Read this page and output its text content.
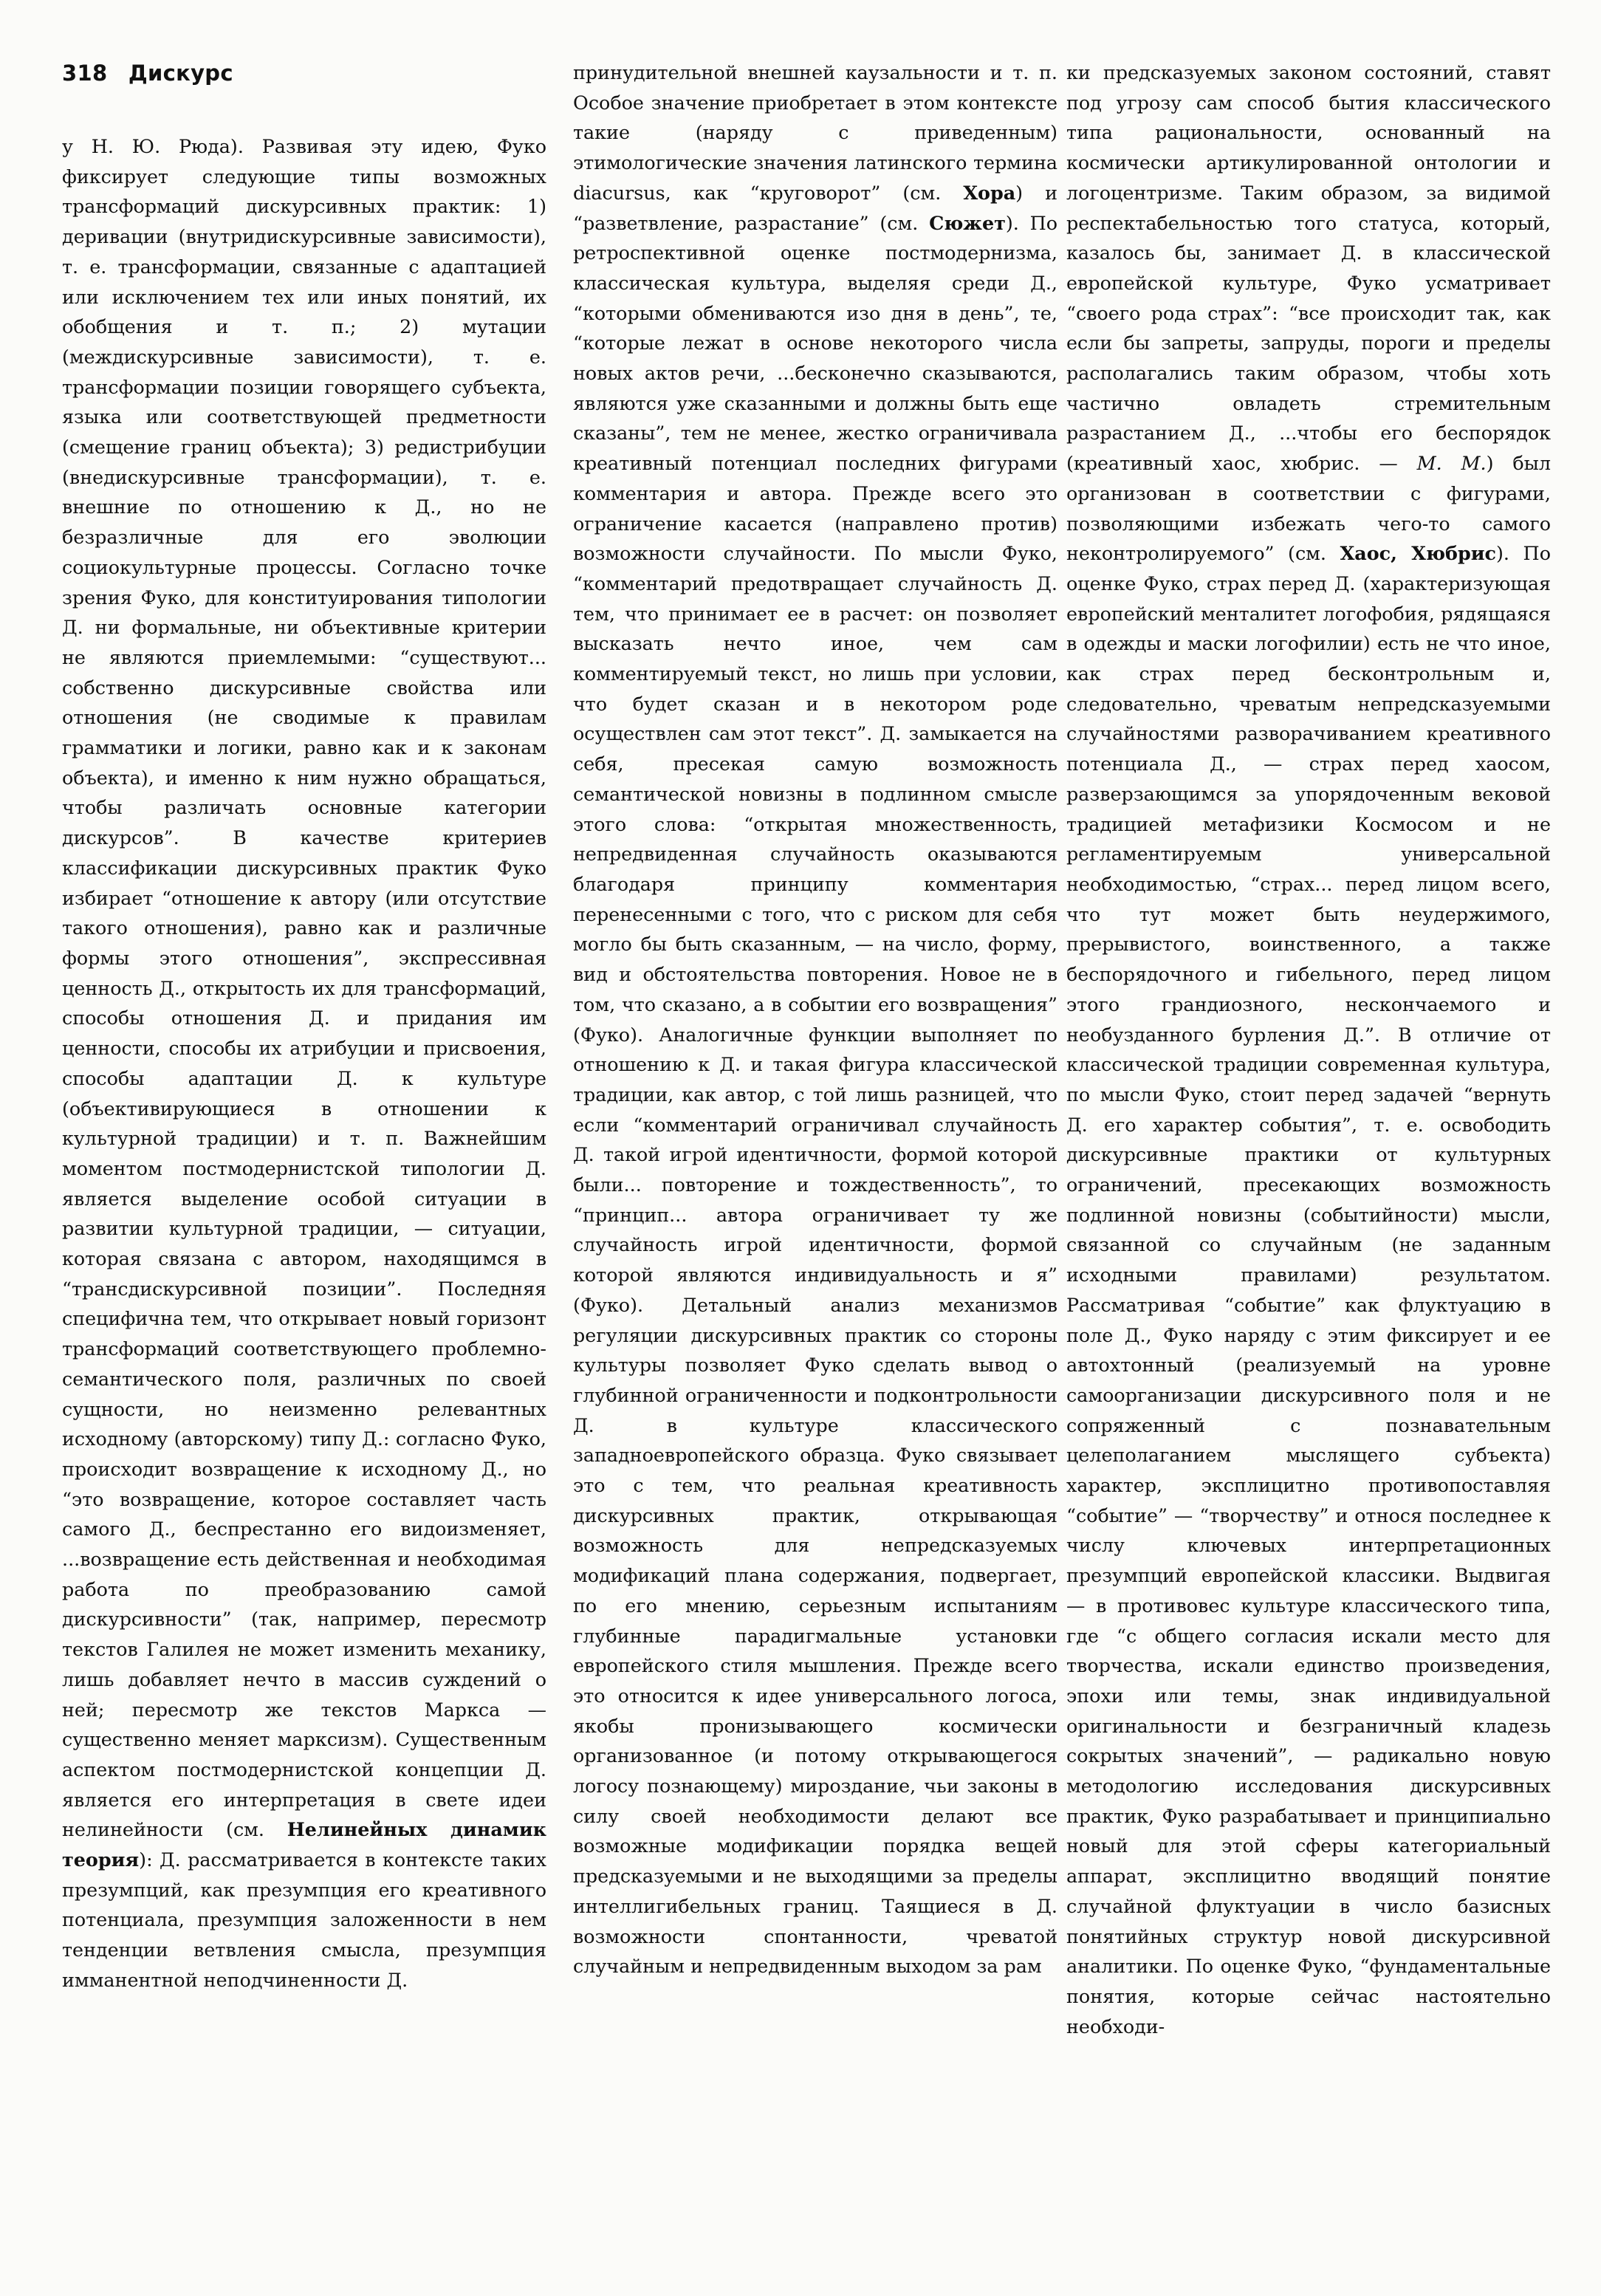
318 Дискурс

у Н. Ю. Рюда). Развивая эту идею, Фуко фиксирует следующие типы возможных трансформаций дискурсивных практик: 1) деривации (внутридискурсивные зависимости), т. е. трансформации, связанные с адаптацией или исключением тех или иных понятий, их обобщения и т. п.; 2) мутации (междискурсивные зависимости), т. е. трансформации позиции говорящего субъекта, языка или соответствующей предметности (смещение границ объекта); 3) редистрибуции (внедискурсивные трансформации), т. е. внешние по отношению к Д., но не безразличные для его эволюции социокультурные процессы. Согласно точке зрения Фуко, для конституирования типологии Д. ни формальные, ни объективные критерии не являются приемлемыми: “существуют... собственно дискурсивные свойства или отношения (не сводимые к правилам грамматики и логики, равно как и к законам объекта), и именно к ним нужно обращаться, чтобы различать основные категории дискурсов”. В качестве критериев классификации дискурсивных практик Фуко избирает “отношение к автору (или отсутствие такого отношения), равно как и различные формы этого отношения”, экспрессивная ценность Д., открытость их для трансформаций, способы отношения Д. и придания им ценности, способы их атрибуции и присвоения, способы адаптации Д. к культуре (объективирующиеся в отношении к культурной традиции) и т. п. Важнейшим моментом постмодернистской типологии Д. является выделение особой ситуации в развитии культурной традиции, — ситуации, которая связана с автором, находящимся в “трансдискурсивной позиции”. Последняя специфична тем, что открывает новый горизонт трансформаций соответствующего проблемно-семантического поля, различных по своей сущности, но неизменно релевантных исходному (авторскому) типу Д.: согласно Фуко, происходит возвращение к исходному Д., но “это возвращение, которое составляет часть самого Д., беспрестанно его видоизменяет, ...возвращение есть действенная и необходимая работа по преобразованию самой дискурсивности” (так, например, пересмотр текстов Галилея не может изменить механику, лишь добавляет нечто в массив суждений о ней; пересмотр же текстов Маркса — существенно меняет марксизм). Существенным аспектом постмодернистской концепции Д. является его интерпретация в свете идеи нелинейности (см. Нелинейных динамик теория): Д. рассматривается в контексте таких презумпций, как презумпция его креативного потенциала, презумпция заложенности в нем тенденции ветвления смысла, презумпция имманентной неподчиненности Д.

принудительной внешней каузальности и т. п. Особое значение приобретает в этом контексте такие (наряду с приведенным) этимологические значения латинского термина diacursus, как “круговорот” (см. Хора) и “разветвление, разрастание” (см. Сюжет). По ретроспективной оценке постмодернизма, классическая культура, выделяя среди Д., “которыми обмениваются изо дня в день”, те, “которые лежат в основе некоторого числа новых актов речи, ...бесконечно сказываются, являются уже сказанными и должны быть еще сказаны”, тем не менее, жестко ограничивала креативный потенциал последних фигурами комментария и автора. Прежде всего это ограничение касается (направлено против) возможности случайности. По мысли Фуко, “комментарий предотвращает случайность Д. тем, что принимает ее в расчет: он позволяет высказать нечто иное, чем сам комментируемый текст, но лишь при условии, что будет сказан и в некотором роде осуществлен сам этот текст”. Д. замыкается на себя, пресекая самую возможность семантической новизны в подлинном смысле этого слова: “открытая множественность, непредвиденная случайность оказываются благодаря принципу комментария перенесенными с того, что с риском для себя могло бы быть сказанным, — на число, форму, вид и обстоятельства повторения. Новое не в том, что сказано, а в событии его возвращения” (Фуко). Аналогичные функции выполняет по отношению к Д. и такая фигура классической традиции, как автор, с той лишь разницей, что если “комментарий ограничивал случайность Д. такой игрой идентичности, формой которой были... повторение и тождественность”, то “принцип... автора ограничивает ту же случайность игрой идентичности, формой которой являются индивидуальность и я” (Фуко). Детальный анализ механизмов регуляции дискурсивных практик со стороны культуры позволяет Фуко сделать вывод о глубинной ограниченности и подконтрольности Д. в культуре классического западноевропейского образца. Фуко связывает это с тем, что реальная креативность дискурсивных практик, открывающая возможность для непредсказуемых модификаций плана содержания, подвергает, по его мнению, серьезным испытаниям глубинные парадигмальные установки европейского стиля мышления. Прежде всего это относится к идее универсального логоса, якобы пронизывающего космически организованное (и потому открывающегося логосу познающему) мироздание, чьи законы в силу своей необходимости делают все возможные модификации порядка вещей предсказуемыми и не выходящими за пределы интеллигибельных границ. Таящиеся в Д. возможности спонтанности, чреватой случайным и непредвиденным выходом за рам

ки предсказуемых законом состояний, ставят под угрозу сам способ бытия классического типа рациональности, основанный на космически артикулированной онтологии и логоцентризме. Таким образом, за видимой респектабельностью того статуса, который, казалось бы, занимает Д. в классической европейской культуре, Фуко усматривает “своего рода страх”: “все происходит так, как если бы запреты, запруды, пороги и пределы располагались таким образом, чтобы хоть частично овладеть стремительным разрастанием Д., ...чтобы его беспорядок (креативный хаос, хюбрис. — М. М.) был организован в соответствии с фигурами, позволяющими избежать чего-то самого неконтролируемого” (см. Хаос, Хюбрис). По оценке Фуко, страх перед Д. (характеризующая европейский менталитет логофобия, рядящаяся в одежды и маски логофилии) есть не что иное, как страх перед бесконтрольным и, следовательно, чреватым непредсказуемыми случайностями разворачиванием креативного потенциала Д., — страх перед хаосом, разверзающимся за упорядоченным вековой традицией метафизики Космосом и не регламентируемым универсальной необходимостью, “страх... перед лицом всего, что тут может быть неудержимого, прерывистого, воинственного, а также беспорядочного и гибельного, перед лицом этого грандиозного, нескончаемого и необузданного бурления Д.”. В отличие от классической традиции современная культура, по мысли Фуко, стоит перед задачей “вернуть Д. его характер события”, т. е. освободить дискурсивные практики от культурных ограничений, пресекающих возможность подлинной новизны (событийности) мысли, связанной со случайным (не заданным исходными правилами) результатом. Рассматривая “событие” как флуктуацию в поле Д., Фуко наряду с этим фиксирует и ее автохтонный (реализуемый на уровне самоорганизации дискурсивного поля и не сопряженный с познавательным целеполаганием мыслящего субъекта) характер, эксплицитно противопоставляя “событие” — “творчеству” и относя последнее к числу ключевых интерпретационных презумпций европейской классики. Выдвигая — в противовес культуре классического типа, где “с общего согласия искали место для творчества, искали единство произведения, эпохи или темы, знак индивидуальной оригинальности и безграничный кладезь сокрытых значений”, — радикально новую методологию исследования дискурсивных практик, Фуко разрабатывает и принципиально новый для этой сферы категориальный аппарат, эксплицитно вводящий понятие случайной флуктуации в число базисных понятийных структур новой дискурсивной аналитики. По оценке Фуко, “фундаментальные понятия, которые сейчас настоятельно необходи-
